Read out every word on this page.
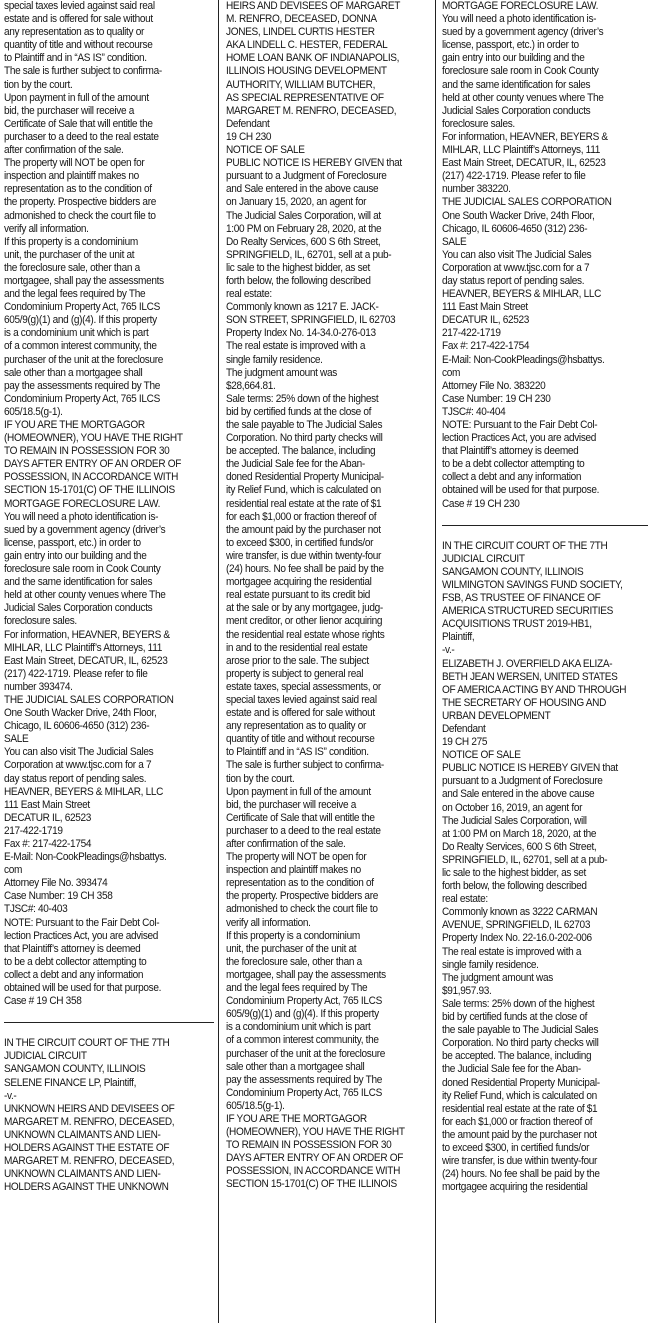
special taxes levied against said real
estate and is offered for sale without
any representation as to quality or
quantity of title and without recourse
to Plaintiff and in “AS IS” condition.
The sale is further subject to confirma-
tion by the court.
Upon payment in full of the amount
bid, the purchaser will receive a
Certificate of Sale that will entitle the
purchaser to a deed to the real estate
after confirmation of the sale.
The property will NOT be open for
inspection and plaintiff makes no
representation as to the condition of
the property. Prospective bidders are
admonished to check the court file to
verify all information.
If this property is a condominium
unit, the purchaser of the unit at
the foreclosure sale, other than a
mortgagee, shall pay the assessments
and the legal fees required by The
Condominium Property Act, 765 ILCS
605/9(g)(1) and (g)(4). If this property
is a condominium unit which is part
of a common interest community, the
purchaser of the unit at the foreclosure
sale other than a mortgagee shall
pay the assessments required by The
Condominium Property Act, 765 ILCS
605/18.5(g-1).
IF YOU ARE THE MORTGAGOR
(HOMEOWNER), YOU HAVE THE RIGHT
TO REMAIN IN POSSESSION FOR 30
DAYS AFTER ENTRY OF AN ORDER OF
POSSESSION, IN ACCORDANCE WITH
SECTION 15-1701(C) OF THE ILLINOIS
MORTGAGE FORECLOSURE LAW.
You will need a photo identification is-
sued by a government agency (driver’s
license, passport, etc.) in order to
gain entry into our building and the
foreclosure sale room in Cook County
and the same identification for sales
held at other county venues where The
Judicial Sales Corporation conducts
foreclosure sales.
For information, HEAVNER, BEYERS &
MIHLAR, LLC Plaintiff’s Attorneys, 111
East Main Street, DECATUR, IL, 62523
(217) 422-1719. Please refer to file
number 393474.
THE JUDICIAL SALES CORPORATION
One South Wacker Drive, 24th Floor,
Chicago, IL 60606-4650 (312) 236-
SALE
You can also visit The Judicial Sales
Corporation at www.tjsc.com for a 7
day status report of pending sales.
HEAVNER, BEYERS & MIHLAR, LLC
111 East Main Street
DECATUR IL, 62523
217-422-1719
Fax #: 217-422-1754
E-Mail: Non-CookPleadings@hsbattys.
com
Attorney File No. 393474
Case Number: 19 CH 358
TJSC#: 40-403
NOTE: Pursuant to the Fair Debt Col-
lection Practices Act, you are advised
that Plaintiff’s attorney is deemed
to be a debt collector attempting to
collect a debt and any information
obtained will be used for that purpose.
Case # 19 CH 358
IN THE CIRCUIT COURT OF THE 7TH
JUDICIAL CIRCUIT
SANGAMON COUNTY, ILLINOIS
SELENE FINANCE LP, Plaintiff,
-v.-
UNKNOWN HEIRS AND DEVISEES OF
MARGARET M. RENFRO, DECEASED,
UNKNOWN CLAIMANTS AND LIEN-
HOLDERS AGAINST THE ESTATE OF
MARGARET M. RENFRO, DECEASED,
UNKNOWN CLAIMANTS AND LIEN-
HOLDERS AGAINST THE UNKNOWN
HEIRS AND DEVISEES OF MARGARET
M. RENFRO, DECEASED, DONNA
JONES, LINDEL CURTIS HESTER
AKA LINDELL C. HESTER, FEDERAL
HOME LOAN BANK OF INDIANAPOLIS,
ILLINOIS HOUSING DEVELOPMENT
AUTHORITY, WILLIAM BUTCHER,
AS SPECIAL REPRESENTATIVE OF
MARGARET M. RENFRO, DECEASED,
Defendant
19 CH 230
NOTICE OF SALE
PUBLIC NOTICE IS HEREBY GIVEN that
pursuant to a Judgment of Foreclosure
and Sale entered in the above cause
on January 15, 2020, an agent for
The Judicial Sales Corporation, will at
1:00 PM on February 28, 2020, at the
Do Realty Services, 600 S 6th Street,
SPRINGFIELD, IL, 62701, sell at a pub-
lic sale to the highest bidder, as set
forth below, the following described
real estate:
Commonly known as 1217 E. JACK-
SON STREET, SPRINGFIELD, IL 62703
Property Index No. 14-34.0-276-013
The real estate is improved with a
single family residence.
The judgment amount was
$28,664.81.
Sale terms: 25% down of the highest
bid by certified funds at the close of
the sale payable to The Judicial Sales
Corporation. No third party checks will
be accepted. The balance, including
the Judicial Sale fee for the Aban-
doned Residential Property Municipal-
ity Relief Fund, which is calculated on
residential real estate at the rate of $1
for each $1,000 or fraction thereof of
the amount paid by the purchaser not
to exceed $300, in certified funds/or
wire transfer, is due within twenty-four
(24) hours. No fee shall be paid by the
mortgagee acquiring the residential
real estate pursuant to its credit bid
at the sale or by any mortgagee, judg-
ment creditor, or other lienor acquiring
the residential real estate whose rights
in and to the residential real estate
arose prior to the sale. The subject
property is subject to general real
estate taxes, special assessments, or
special taxes levied against said real
estate and is offered for sale without
any representation as to quality or
quantity of title and without recourse
to Plaintiff and in “AS IS” condition.
The sale is further subject to confirma-
tion by the court.
Upon payment in full of the amount
bid, the purchaser will receive a
Certificate of Sale that will entitle the
purchaser to a deed to the real estate
after confirmation of the sale.
The property will NOT be open for
inspection and plaintiff makes no
representation as to the condition of
the property. Prospective bidders are
admonished to check the court file to
verify all information.
If this property is a condominium
unit, the purchaser of the unit at
the foreclosure sale, other than a
mortgagee, shall pay the assessments
and the legal fees required by The
Condominium Property Act, 765 ILCS
605/9(g)(1) and (g)(4). If this property
is a condominium unit which is part
of a common interest community, the
purchaser of the unit at the foreclosure
sale other than a mortgagee shall
pay the assessments required by The
Condominium Property Act, 765 ILCS
605/18.5(g-1).
IF YOU ARE THE MORTGAGOR
(HOMEOWNER), YOU HAVE THE RIGHT
TO REMAIN IN POSSESSION FOR 30
DAYS AFTER ENTRY OF AN ORDER OF
POSSESSION, IN ACCORDANCE WITH
SECTION 15-1701(C) OF THE ILLINOIS
MORTGAGE FORECLOSURE LAW.
You will need a photo identification is-
sued by a government agency (driver’s
license, passport, etc.) in order to
gain entry into our building and the
foreclosure sale room in Cook County
and the same identification for sales
held at other county venues where The
Judicial Sales Corporation conducts
foreclosure sales.
For information, HEAVNER, BEYERS &
MIHLAR, LLC Plaintiff’s Attorneys, 111
East Main Street, DECATUR, IL, 62523
(217) 422-1719. Please refer to file
number 383220.
THE JUDICIAL SALES CORPORATION
One South Wacker Drive, 24th Floor,
Chicago, IL 60606-4650 (312) 236-
SALE
You can also visit The Judicial Sales
Corporation at www.tjsc.com for a 7
day status report of pending sales.
HEAVNER, BEYERS & MIHLAR, LLC
111 East Main Street
DECATUR IL, 62523
217-422-1719
Fax #: 217-422-1754
E-Mail: Non-CookPleadings@hsbattys.
com
Attorney File No. 383220
Case Number: 19 CH 230
TJSC#: 40-404
NOTE: Pursuant to the Fair Debt Col-
lection Practices Act, you are advised
that Plaintiff’s attorney is deemed
to be a debt collector attempting to
collect a debt and any information
obtained will be used for that purpose.
Case # 19 CH 230
IN THE CIRCUIT COURT OF THE 7TH
JUDICIAL CIRCUIT
SANGAMON COUNTY, ILLINOIS
WILMINGTON SAVINGS FUND SOCIETY,
FSB, AS TRUSTEE OF FINANCE OF
AMERICA STRUCTURED SECURITIES
ACQUISITIONS TRUST 2019-HB1,
Plaintiff,
-v.-
ELIZABETH J. OVERFIELD AKA ELIZA-
BETH JEAN WERSEN, UNITED STATES
OF AMERICA ACTING BY AND THROUGH
THE SECRETARY OF HOUSING AND
URBAN DEVELOPMENT
Defendant
19 CH 275
NOTICE OF SALE
PUBLIC NOTICE IS HEREBY GIVEN that
pursuant to a Judgment of Foreclosure
and Sale entered in the above cause
on October 16, 2019, an agent for
The Judicial Sales Corporation, will
at 1:00 PM on March 18, 2020, at the
Do Realty Services, 600 S 6th Street,
SPRINGFIELD, IL, 62701, sell at a pub-
lic sale to the highest bidder, as set
forth below, the following described
real estate:
Commonly known as 3222 CARMAN
AVENUE, SPRINGFIELD, IL 62703
Property Index No. 22-16.0-202-006
The real estate is improved with a
single family residence.
The judgment amount was
$91,957.93.
Sale terms: 25% down of the highest
bid by certified funds at the close of
the sale payable to The Judicial Sales
Corporation. No third party checks will
be accepted. The balance, including
the Judicial Sale fee for the Aban-
doned Residential Property Municipal-
ity Relief Fund, which is calculated on
residential real estate at the rate of $1
for each $1,000 or fraction thereof of
the amount paid by the purchaser not
to exceed $300, in certified funds/or
wire transfer, is due within twenty-four
(24) hours. No fee shall be paid by the
mortgagee acquiring the residential
